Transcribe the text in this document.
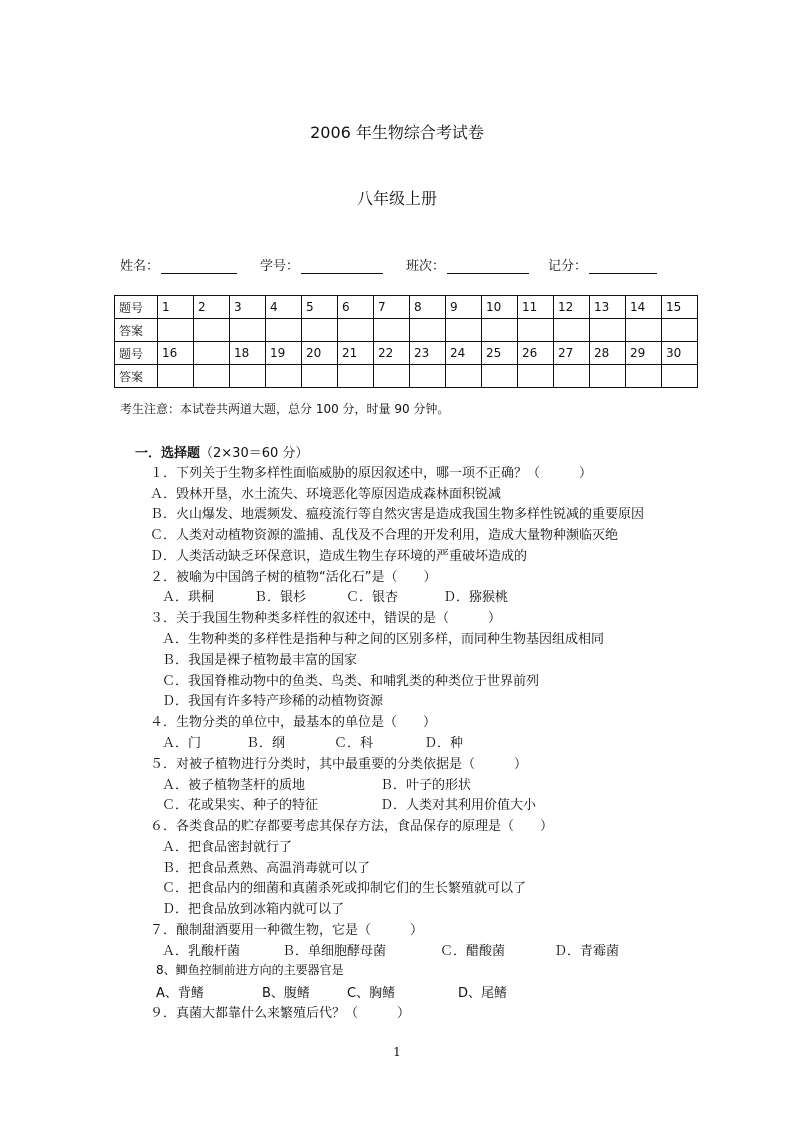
2006 年生物综合考试卷
八年级上册
姓名：	学号：	班次：	记分：
题号	1	2	3	4	5	6	7	8	9	10	11	12	13	14	15
答案															
题号	16		18	19	20	21	22	23	24	25	26	27	28	29	30
答案															
考生注意：本试卷共两道大题，总分 100 分，时量 90 分钟。
一．选择题（2×30＝60 分）
１．下列关于生物多样性面临威胁的原因叙述中，哪一项不正确？（　　　）
Ａ．毁林开垦，水土流失、环境恶化等原因造成森林面积锐减
Ｂ．火山爆发、地震频发、瘟疫流行等自然灾害是造成我国生物多样性锐减的重要原因
Ｃ．人类对动植物资源的滥捕、乱伐及不合理的开发利用，造成大量物种濒临灭绝
Ｄ．人类活动缺乏环保意识，造成生物生存环境的严重破坏造成的
２．被喻为中国鸽子树的植物“活化石”是（　　）
Ａ．珙桐	Ｂ．银杉	Ｃ．银杏	Ｄ．猕猴桃
３．关于我国生物种类多样性的叙述中，错误的是（　　　）
Ａ．生物种类的多样性是指种与种之间的区别多样，而同种生物基因组成相同
Ｂ．我国是裸子植物最丰富的国家
Ｃ．我国脊椎动物中的鱼类、鸟类、和哺乳类的种类位于世界前列
Ｄ．我国有许多特产珍稀的动植物资源
４．生物分类的单位中，最基本的单位是（　　）
Ａ．门	Ｂ．纲	Ｃ．科	Ｄ．种
５．对被子植物进行分类时，其中最重要的分类依据是（　　　）
Ａ．被子植物茎杆的质地	Ｂ．叶子的形状
Ｃ．花或果实、种子的特征	Ｄ．人类对其利用价值大小
６．各类食品的贮存都要考虑其保存方法，食品保存的原理是（　　）
Ａ．把食品密封就行了
Ｂ．把食品煮熟、高温消毒就可以了
Ｃ．把食品内的细菌和真菌杀死或抑制它们的生长繁殖就可以了
Ｄ．把食品放到冰箱内就可以了
７．酿制甜酒要用一种微生物，它是（　　　）
Ａ．乳酸杆菌	Ｂ．单细胞酵母菌	Ｃ．醋酸菌	Ｄ．青霉菌
8、鲫鱼控制前进方向的主要器官是
A、背鳍	B、腹鳍	C、胸鳍	D、尾鳍
９．真菌大都靠什么来繁殖后代？（　　　）
1
